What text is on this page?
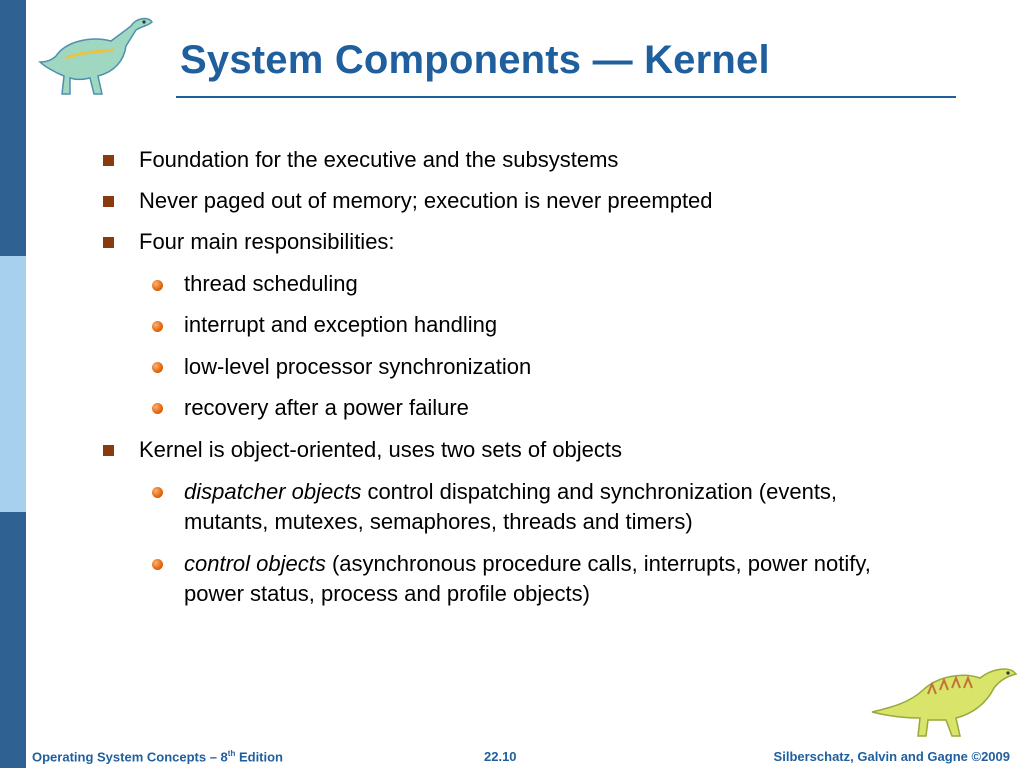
System Components — Kernel
Foundation for the executive and the subsystems
Never paged out of memory; execution is never preempted
Four main responsibilities:
thread scheduling
interrupt and exception handling
low-level processor synchronization
recovery after a power failure
Kernel is object-oriented, uses two sets of objects
dispatcher objects control dispatching and synchronization (events,
mutants, mutexes, semaphores, threads and timers)
control objects (asynchronous procedure calls, interrupts, power notify,
power status, process and profile objects)
Operating System Concepts – 8th Edition	22.10	Silberschatz, Galvin and Gagne ©2009
